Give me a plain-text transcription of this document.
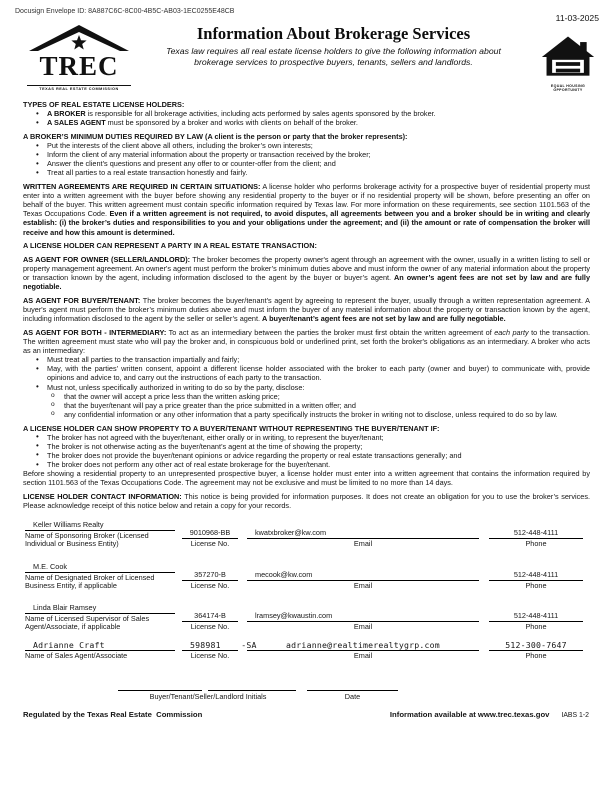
Docusign Envelope ID: 8A887C6C-8C00-4B5C-AB03-1EC0255E48CB
11-03-2025
TREC
TEXAS REAL ESTATE COMMISSION
Information About Brokerage Services
Texas law requires all real estate license holders to give the following information about brokerage services to prospective buyers, tenants, sellers and landlords.
EQUAL HOUSING
OPPORTUNITY
TYPES OF REAL ESTATE LICENSE HOLDERS:
• A BROKER is responsible for all brokerage activities, including acts performed by sales agents sponsored by the broker.
• A SALES AGENT must be sponsored by a broker and works with clients on behalf of the broker.
A BROKER’S MINIMUM DUTIES REQUIRED BY LAW (A client is the person or party that the broker represents):
• Put the interests of the client above all others, including the broker’s own interests;
• Inform the client of any material information about the property or transaction received by the broker;
• Answer the client’s questions and present any offer to or counter-offer from the client; and
• Treat all parties to a real estate transaction honestly and fairly.
WRITTEN AGREEMENTS ARE REQUIRED IN CERTAIN SITUATIONS: A license holder who performs brokerage activity for a prospective buyer of residential property must enter into a written agreement with the buyer before showing any residential property to the buyer or if no residential property will be shown, before presenting an offer on behalf of the buyer. This written agreement must contain specific information required by Texas law. For more information on these requirements, see section 1101.563 of the Texas Occupations Code. Even if a written agreement is not required, to avoid disputes, all agreements between you and a broker should be in writing and clearly establish: (i) the broker’s duties and responsibilities to you and your obligations under the agreement; and (ii) the amount or rate of compensation the broker will receive and how this amount is determined.
A LICENSE HOLDER CAN REPRESENT A PARTY IN A REAL ESTATE TRANSACTION:
AS AGENT FOR OWNER (SELLER/LANDLORD): The broker becomes the property owner's agent through an agreement with the owner, usually in a written listing to sell or property management agreement. An owner's agent must perform the broker’s minimum duties above and must inform the owner of any material information about the property or transaction known by the agent, including information disclosed to the agent by the buyer or buyer’s agent. An owner’s agent fees are not set by law and are fully negotiable.
AS AGENT FOR BUYER/TENANT: The broker becomes the buyer/tenant's agent by agreeing to represent the buyer, usually through a written representation agreement. A buyer's agent must perform the broker’s minimum duties above and must inform the buyer of any material information about the property or transaction known by the agent, including information disclosed to the agent by the seller or seller’s agent. A buyer/tenant’s agent fees are not set by law and are fully negotiable.
AS AGENT FOR BOTH - INTERMEDIARY: To act as an intermediary between the parties the broker must first obtain the written agreement of each party to the transaction. The written agreement must state who will pay the broker and, in conspicuous bold or underlined print, set forth the broker's obligations as an intermediary. A broker who acts as an intermediary:
• Must treat all parties to the transaction impartially and fairly;
• May, with the parties' written consent, appoint a different license holder associated with the broker to each party (owner and buyer) to communicate with, provide opinions and advice to, and carry out the instructions of each party to the transaction.
• Must not, unless specifically authorized in writing to do so by the party, disclose:
o that the owner will accept a price less than the written asking price;
o that the buyer/tenant will pay a price greater than the price submitted in a written offer; and
o any confidential information or any other information that a party specifically instructs the broker in writing not to disclose, unless required to do so by law.
A LICENSE HOLDER CAN SHOW PROPERTY TO A BUYER/TENANT WITHOUT REPRESENTING THE BUYER/TENANT IF:
• The broker has not agreed with the buyer/tenant, either orally or in writing, to represent the buyer/tenant;
• The broker is not otherwise acting as the buyer/tenant’s agent at the time of showing the property;
• The broker does not provide the buyer/tenant opinions or advice regarding the property or real estate transactions generally; and
• The broker does not perform any other act of real estate brokerage for the buyer/tenant.
Before showing a residential property to an unrepresented prospective buyer, a license holder must enter into a written agreement that contains the information required by section 1101.563 of the Texas Occupations Code. The agreement may not be exclusive and must be limited to no more than 14 days.
LICENSE HOLDER CONTACT INFORMATION: This notice is being provided for information purposes. It does not create an obligation for you to use the broker’s services. Please acknowledge receipt of this notice below and retain a copy for your records.
Keller Williams Realty
Name of Sponsoring Broker (Licensed Individual or Business Entity)
9010968-BB
License No.
kwatxbroker@kw.com
Email
512-448-4111
Phone
M.E. Cook
Name of Designated Broker of Licensed Business Entity, if applicable
357270-B
License No.
mecook@kw.com
Email
512-448-4111
Phone
Linda Blair Ramsey
Name of Licensed Supervisor of Sales Agent/Associate, if applicable
364174-B
License No.
lramsey@kwaustin.com
Email
512-448-4111
Phone
Adrianne Craft
Name of Sales Agent/Associate
598981    -SA
License No.
adrianne@realtimerealtygrp.com
Email
512-300-7647
Phone
Buyer/Tenant/Seller/Landlord Initials	Date
Regulated by the Texas Real Estate  Commission	Information available at www.trec.texas.gov IABS 1-2
